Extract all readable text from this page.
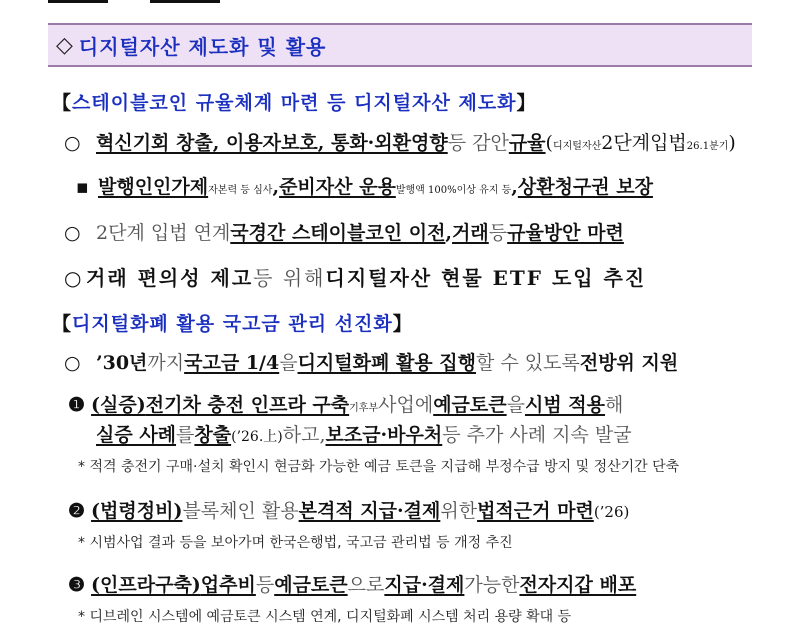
◇ 디지털자산 제도화 및 활용
【 스테이블코인 규율체계 마련 등 디지털자산 제도화 】
○ 혁신기회 창출, 이용자보호, 통화·외환영향 등 감안 규율 ( 디지털자산 2단계입법 26.1분기 )
▪ 발행인인가제 자본력 등 심사 , 준비자산 운용 발행액 100%이상 유지 등 , 상환청구권 보장
○ 2단계 입법 연계 국경간 스테이블코인 이전 , 거래 등 규율방안 마련
○ 거래 편의성 제고 등 위해 디지털자산 현물 ETF 도입 추진
【 디지털화폐 활용 국고금 관리 선진화 】
○ ’30년 까지 국고금 1/4 을 디지털화폐 활용 집행 할 수 있도록 전방위 지원
❶ (실증) 전기차 충전 인프라 구축 기후부 사업에 예금토큰 을 시범 적용 해
실증 사례 를 창출 (’26.上) 하고, 보조금·바우처 등 추가 사례 지속 발굴
* 적격 충전기 구매·설치 확인시 현금화 가능한 예금 토큰을 지급해 부정수급 방지 및 정산기간 단축
❷ (법령정비) 블록체인 활용 본격적 지급·결제 위한 법적근거 마련 (’26)
* 시범사업 결과 등을 보아가며 한국은행법, 국고금 관리법 등 개정 추진
❸ (인프라구축) 업추비 등 예금토큰 으로 지급·결제 가능한 전자지갑 배포
* 디브레인 시스템에 예금토큰 시스템 연계, 디지털화폐 시스템 처리 용량 확대 등
